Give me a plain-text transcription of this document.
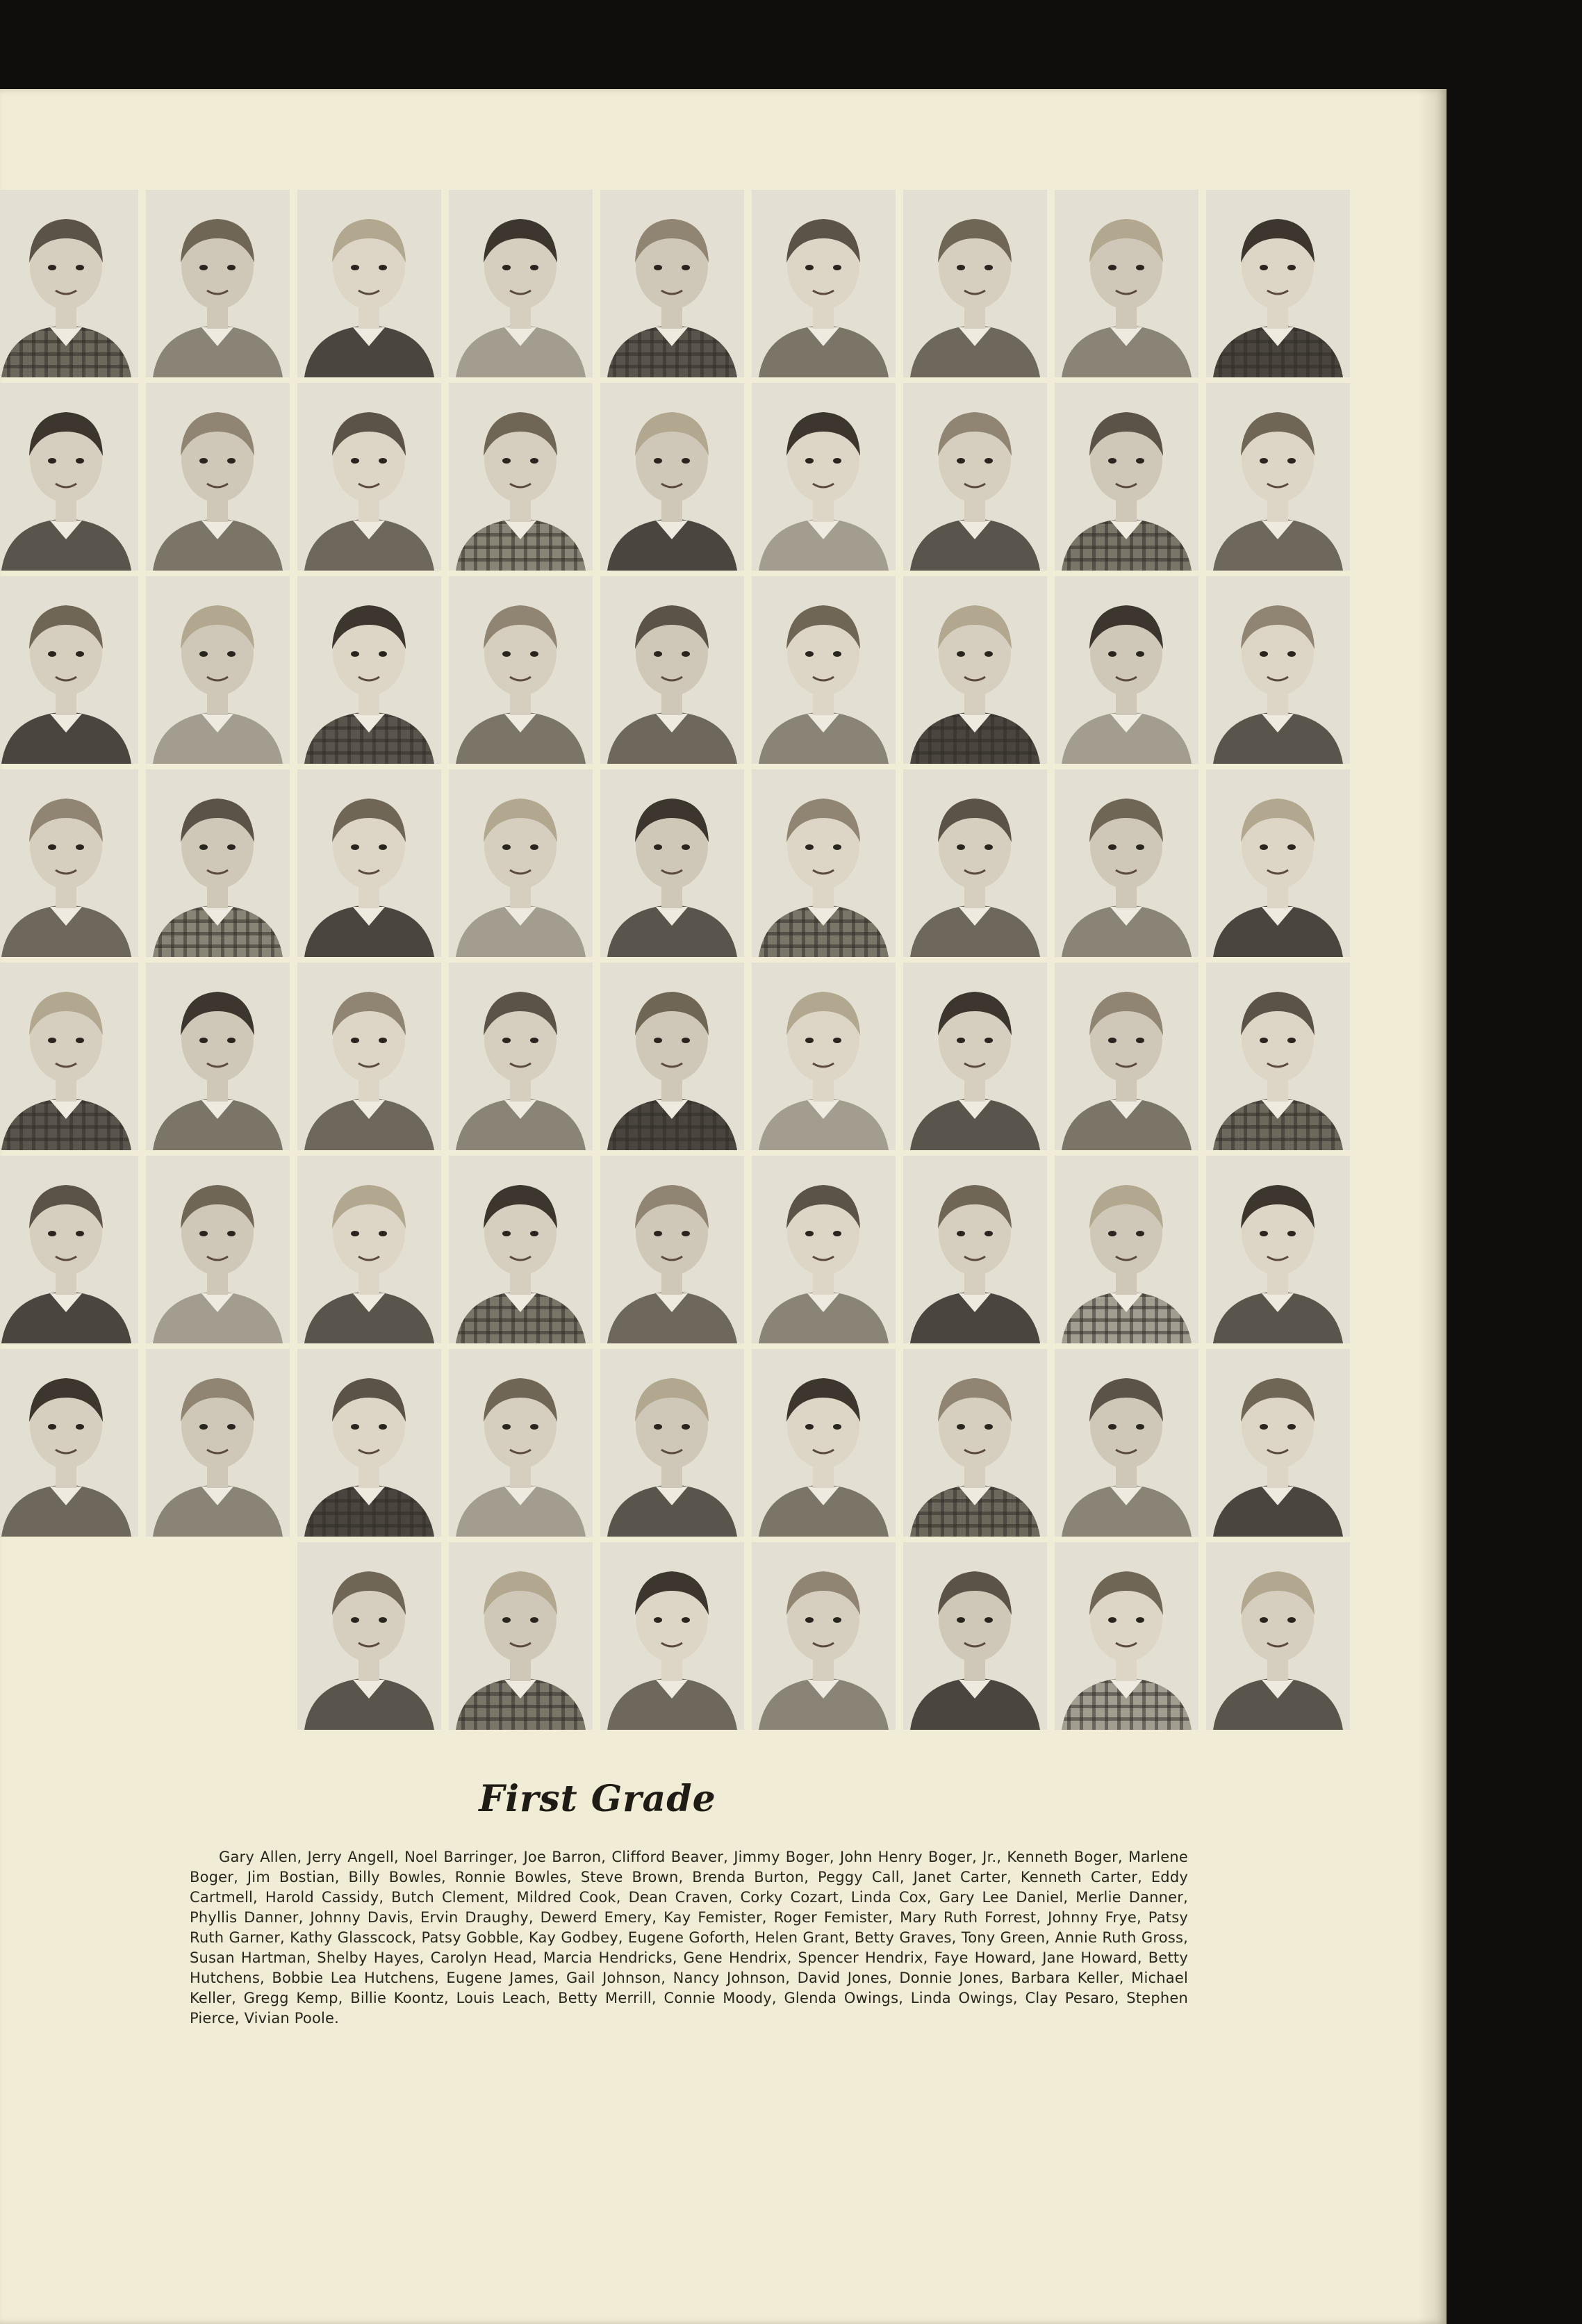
First Grade
Gary Allen, Jerry Angell, Noel Barringer, Joe Barron, Clifford Beaver, Jimmy Boger, John Henry Boger, Jr., Kenneth Boger, Marlene Boger, Jim Bostian, Billy Bowles, Ronnie Bowles, Steve Brown, Brenda Burton, Peggy Call, Janet Carter, Kenneth Carter, Eddy Cartmell, Harold Cassidy, Butch Clement, Mildred Cook, Dean Craven, Corky Cozart, Linda Cox, Gary Lee Daniel, Merlie Danner, Phyllis Danner, Johnny Davis, Ervin Draughy, Dewerd Emery, Kay Femister, Roger Femister, Mary Ruth Forrest, Johnny Frye, Patsy Ruth Garner, Kathy Glasscock, Patsy Gobble, Kay Godbey, Eugene Goforth, Helen Grant, Betty Graves, Tony Green, Annie Ruth Gross, Susan Hartman, Shelby Hayes, Carolyn Head, Marcia Hendricks, Gene Hendrix, Spencer Hendrix, Faye Howard, Jane Howard, Betty Hutchens, Bobbie Lea Hutchens, Eugene James, Gail Johnson, Nancy Johnson, David Jones, Donnie Jones, Barbara Keller, Michael Keller, Gregg Kemp, Billie Koontz, Louis Leach, Betty Merrill, Connie Moody, Glenda Owings, Linda Owings, Clay Pesaro, Stephen Pierce, Vivian Poole.
